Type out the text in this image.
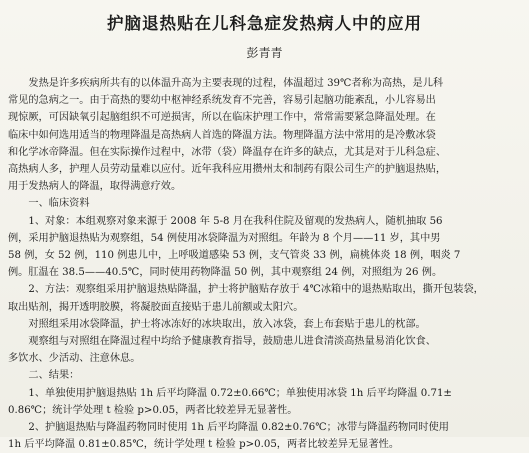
护脑退热贴在儿科急症发热病人中的应用
彭青青

发热是许多疾病所共有的以体温升高为主要表现的过程，体温超过 39℃者称为高热，是儿科

常见的急病之一。由于高热的婴幼中枢神经系统发育不完善，容易引起脑功能紊乱，小儿容易出

现惊厥，可因缺氧引起脑组织不可逆损害，所以在临床护理工作中，常常需要紧急降温处理。在

临床中如何选用适当的物理降温是高热病人首选的降温方法。物理降温方法中常用的是冷敷冰袋

和化学冰帝降温。但在实际操作过程中，冰带（袋）降温存在许多的缺点，尤其是对于儿科急症、

高热病人多，护理人员劳动量难以应付。近年我科应用攒州太和制药有限公司生产的护脑退热贴，

用于发热病人的降温，取得满意疗效。

一、临床资料

1、对象：本组观察对象来源于 2008 年 5-8 月在我科住院及留观的发热病人，随机抽取 56

例，采用护脑退热贴为观察组，54 例使用冰袋降温为对照组。年龄为 8 个月——11 岁，其中男

58 例，女 52 例，110 例患儿中，上呼吸道感染 53 例，支气管炎 33 例，扁桃体炎 18 例，咽炎 7

例。肛温在 38.5——40.5℃，同时使用药物降温 50 例，其中观察组 24 例，对照组为 26 例。

2、方法：观察组采用护脑退热贴降温，护士将护脑贴存放于 4℃冰箱中的退热贴取出，撕开包装袋，

取出贴剂，揭开透明胶膜，将凝胶面直接贴于患儿前额或太阳穴。

对照组采用冰袋降温，护士将冰冻好的冰块取出，放入冰袋，套上布套贴于患儿的枕部。

观察组与对照组在降温过程中均给予健康教育指导，鼓励患儿进食清淡高热量易消化饮食、

多饮水、少活动、注意休息。

二、结果：

1、单独使用护脑退热贴 1h 后平均降温 0.72±0.66℃；单独使用冰袋 1h 后平均降温 0.71±

0.86℃；统计学处理 t 检验 p>0.05，两者比较差异无显著性。

2、护脑退热贴与降温药物同时使用 1h 后平均降温 0.82±0.76℃；冰带与降温药物同时使用

1h 后平均降温 0.81±0.85℃，统计学处理 t 检验 p>0.05，两者比较差异无显著性。
